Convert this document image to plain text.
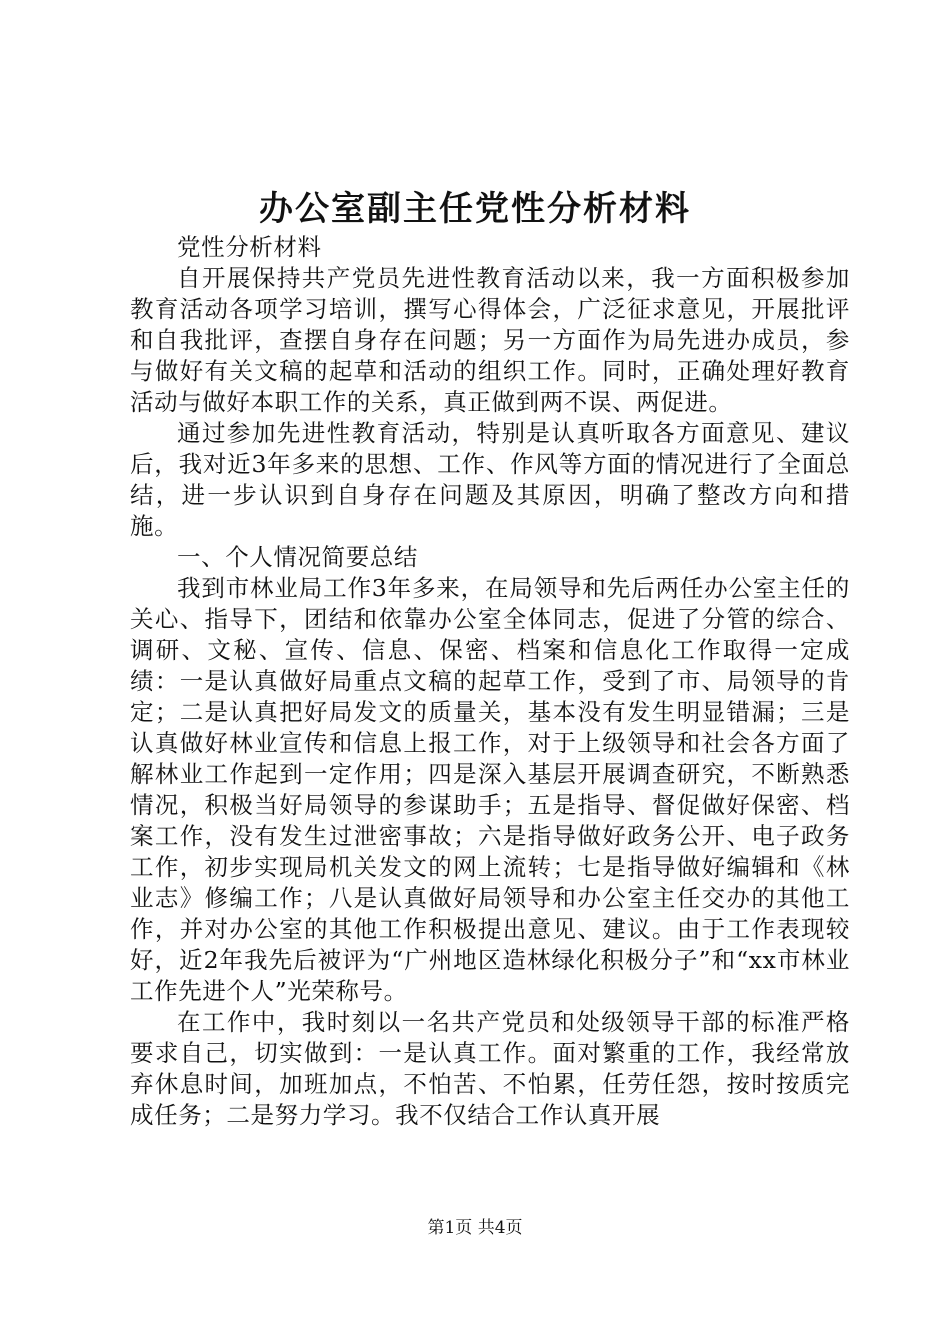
办公室副主任党性分析材料

党性分析材料

自开展保持共产党员先进性教育活动以来，我一方面积极参加教育活动各项学习培训，撰写心得体会，广泛征求意见，开展批评和自我批评，查摆自身存在问题；另一方面作为局先进办成员，参与做好有关文稿的起草和活动的组织工作。同时，正确处理好教育活动与做好本职工作的关系，真正做到两不误、两促进。

通过参加先进性教育活动，特别是认真听取各方面意见、建议后，我对近3年多来的思想、工作、作风等方面的情况进行了全面总结，进一步认识到自身存在问题及其原因，明确了整改方向和措施。

一、个人情况简要总结

我到市林业局工作3年多来，在局领导和先后两任办公室主任的关心、指导下，团结和依靠办公室全体同志，促进了分管的综合、调研、文秘、宣传、信息、保密、档案和信息化工作取得一定成绩：一是认真做好局重点文稿的起草工作，受到了市、局领导的肯定；二是认真把好局发文的质量关，基本没有发生明显错漏；三是认真做好林业宣传和信息上报工作，对于上级领导和社会各方面了解林业工作起到一定作用；四是深入基层开展调查研究，不断熟悉情况，积极当好局领导的参谋助手；五是指导、督促做好保密、档案工作，没有发生过泄密事故；六是指导做好政务公开、电子政务工作，初步实现局机关发文的网上流转；七是指导做好编辑和《林业志》修编工作；八是认真做好局领导和办公室主任交办的其他工作，并对办公室的其他工作积极提出意见、建议。由于工作表现较好，近2年我先后被评为“广州地区造林绿化积极分子”和“xx市林业工作先进个人”光荣称号。

在工作中，我时刻以一名共产党员和处级领导干部的标准严格要求自己，切实做到：一是认真工作。面对繁重的工作，我经常放弃休息时间，加班加点，不怕苦、不怕累，任劳任怨，按时按质完成任务；二是努力学习。我不仅结合工作认真开展

第1页 共4页
